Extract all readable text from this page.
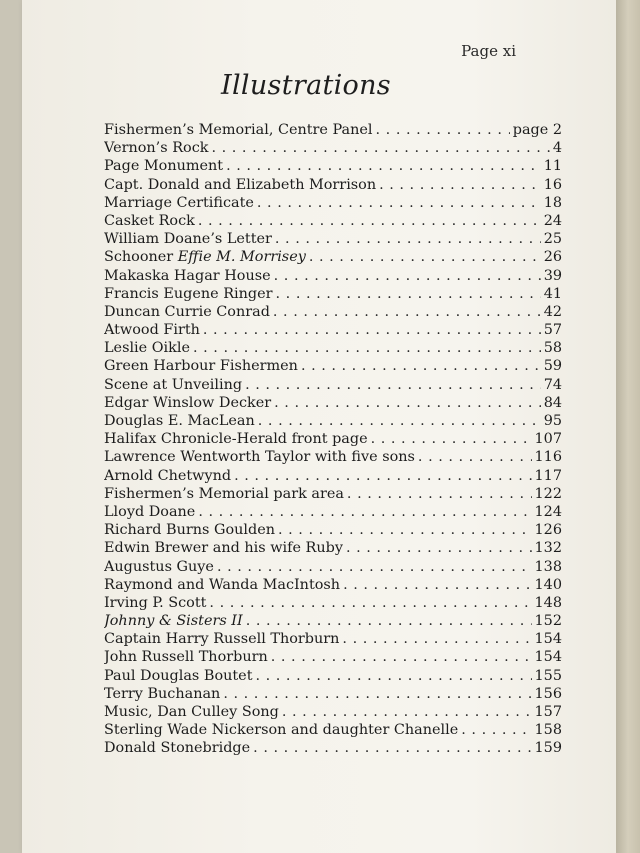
Page xi
Illustrations
Fishermen’s Memorial, Centre Panel . . .	page 2
Vernon’s Rock . . .	4
Page Monument . . .	11
Capt. Donald and Elizabeth Morrison . . .	16
Marriage Certificate . . .	18
Casket Rock . . .	24
William Doane’s Letter . . .	25
Schooner Effie M. Morrisey . . .	26
Makaska Hagar House . . .	39
Francis Eugene Ringer . . .	41
Duncan Currie Conrad . . .	42
Atwood Firth . . .	57
Leslie Oikle . . .	58
Green Harbour Fishermen . . .	59
Scene at Unveiling . . .	74
Edgar Winslow Decker . . .	84
Douglas E. MacLean . . .	95
Halifax Chronicle-Herald front page . . .	107
Lawrence Wentworth Taylor with five sons . . .	116
Arnold Chetwynd . . .	117
Fishermen’s Memorial park area . . .	122
Lloyd Doane . . .	124
Richard Burns Goulden . . .	126
Edwin Brewer and his wife Ruby . . .	132
Augustus Guye . . .	138
Raymond and Wanda MacIntosh . . .	140
Irving P. Scott . . .	148
Johnny & Sisters II . . .	152
Captain Harry Russell Thorburn . . .	154
John Russell Thorburn . . .	154
Paul Douglas Boutet . . .	155
Terry Buchanan . . .	156
Music, Dan Culley Song . . .	157
Sterling Wade Nickerson and daughter Chanelle . . .	158
Donald Stonebridge . . .	159
